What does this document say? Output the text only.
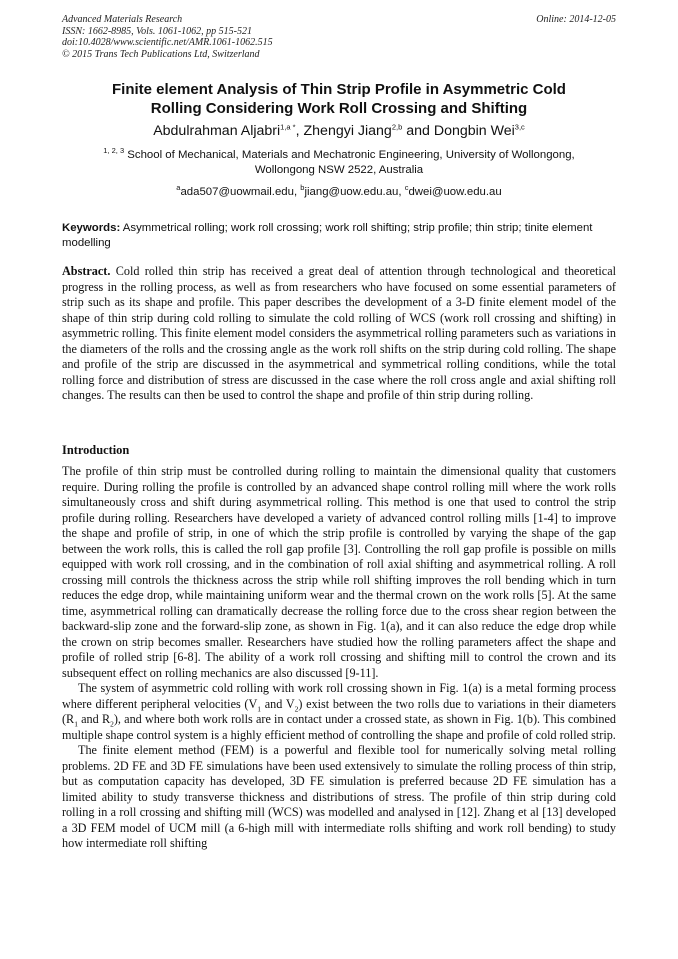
Advanced Materials Research
ISSN: 1662-8985, Vols. 1061-1062, pp 515-521
doi:10.4028/www.scientific.net/AMR.1061-1062.515
© 2015 Trans Tech Publications Ltd, Switzerland
Online: 2014-12-05
Finite element Analysis of Thin Strip Profile in Asymmetric Cold
Rolling Considering Work Roll Crossing and Shifting
Abdulrahman Aljabri$^{1,a *}$, Zhengyi Jiang$^{2,b}$ and Dongbin Wei$^{3,c}$
$^{1, 2, 3}$ School of Mechanical, Materials and Mechatronic Engineering, University of Wollongong, Wollongong NSW 2522, Australia
$^a$ada507@uowmail.edu, $^b$jiang@uow.edu.au, $^c$dwei@uow.edu.au
Keywords: Asymmetrical rolling; work roll crossing; work roll shifting; strip profile; thin strip; tinite element modelling
Abstract. Cold rolled thin strip has received a great deal of attention through technological and theoretical progress in the rolling process, as well as from researchers who have focused on some essential parameters of strip such as its shape and profile. This paper describes the development of a 3-D finite element model of the shape of thin strip during cold rolling to simulate the cold rolling of WCS (work roll crossing and shifting) in asymmetric rolling. This finite element model considers the asymmetrical rolling parameters such as variations in the diameters of the rolls and the crossing angle as the work roll shifts on the strip during cold rolling. The shape and profile of the strip are discussed in the asymmetrical and symmetrical rolling conditions, while the total rolling force and distribution of stress are discussed in the case where the roll cross angle and axial shifting roll changes. The results can then be used to control the shape and profile of thin strip during rolling.
Introduction

The profile of thin strip must be controlled during rolling to maintain the dimensional quality that customers require. During rolling the profile is controlled by an advanced shape control rolling mill where the work rolls simultaneously cross and shift during asymmetrical rolling. This method is one that used to control the strip profile during rolling. Researchers have developed a variety of advanced control rolling mills [1-4] to improve the shape and profile of strip, in one of which the strip profile is controlled by varying the shape of the gap between the work rolls, this is called the roll gap profile [3]. Controlling the roll gap profile is possible on mills equipped with work roll crossing, and in the combination of roll axial shifting and asymmetrical rolling. A roll crossing mill controls the thickness across the strip while roll shifting improves the roll bending which in turn reduces the edge drop, while maintaining uniform wear and the thermal crown on the work rolls [5]. At the same time, asymmetrical rolling can dramatically decrease the rolling force due to the cross shear region between the backward-slip zone and the forward-slip zone, as shown in Fig. 1(a), and it can also reduce the edge drop while the crown on strip becomes smaller. Researchers have studied how the rolling parameters affect the shape and profile of rolled strip [6-8]. The ability of a work roll crossing and shifting mill to control the crown and its subsequent effect on rolling mechanics are also discussed [9-11].

The system of asymmetric cold rolling with work roll crossing shown in Fig. 1(a) is a metal forming process where different peripheral velocities ($V_1$ and $V_2$) exist between the two rolls due to variations in their diameters ($R_1$ and $R_2$), and where both work rolls are in contact under a crossed state, as shown in Fig. 1(b). This combined multiple shape control system is a highly efficient method of controlling the shape and profile of cold rolled strip.

The finite element method (FEM) is a powerful and flexible tool for numerically solving metal rolling problems. 2D FE and 3D FE simulations have been used extensively to simulate the rolling process of thin strip, but as computation capacity has developed, 3D FE simulation is preferred because 2D FE simulation has a limited ability to study transverse thickness and distributions of stress. The profile of thin strip during cold rolling in a roll crossing and shifting mill (WCS) was modelled and analysed in [12]. Zhang et al [13] developed a 3D FEM model of UCM mill (a 6-high mill with intermediate rolls shifting and work roll bending) to study how intermediate roll shifting
